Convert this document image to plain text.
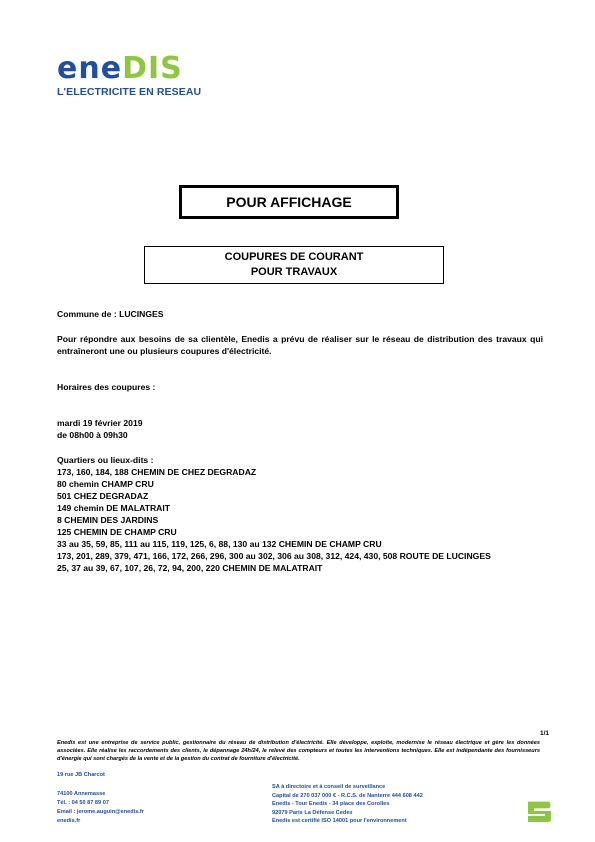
eneDIS
L'ELECTRICITE EN RESEAU
POUR AFFICHAGE
COUPURES DE COURANT
POUR TRAVAUX
Commune de : LUCINGES
Pour répondre aux besoins de sa clientèle, Enedis a prévu de réaliser sur le réseau de distribution des travaux qui entraîneront une ou plusieurs coupures d'électricité.
Horaires des coupures :
mardi 19 février 2019
de 08h00 à 09h30
Quartiers ou lieux-dits :
173, 160, 184, 188 CHEMIN DE CHEZ DEGRADAZ
80 chemin CHAMP CRU
501 CHEZ DEGRADAZ
149 chemin DE MALATRAIT
8 CHEMIN DES JARDINS
125 CHEMIN DE CHAMP CRU
33 au 35, 59, 85, 111 au 115, 119, 125, 6, 88, 130 au 132 CHEMIN DE CHAMP CRU
173, 201, 289, 379, 471, 166, 172, 266, 296, 300 au 302, 306 au 308, 312, 424, 430, 508 ROUTE DE LUCINGES
25, 37 au 39, 67, 107, 26, 72, 94, 200, 220 CHEMIN DE MALATRAIT
1/1
Enedis est une entreprise de service public, gestionnaire du réseau de distribution d'électricité. Elle développe, exploite, modernise le réseau électrique et gère les données associées. Elle réalise les raccordements des clients, le dépannage 24h/24, le relevé des compteurs et toutes les interventions techniques. Elle est indépendante des fournisseurs d'énergie qui sont chargés de la vente et de la gestion du contrat de fourniture d'électricité.
19 rue JB Charcot
74100 Annemasse
Tél. : 04 50 87 89 07
Email : jerome.auguin@enedis.fr
enedis.fr
SA à directoire et à conseil de surveillance
Capital de 270 037 000 € - R.C.S. de Nanterre 444 608 442
Enedis - Tour Enedis - 34 place des Corolles
92079 Paris La Défense Cedex
Enedis est certifié ISO 14001 pour l'environnement
